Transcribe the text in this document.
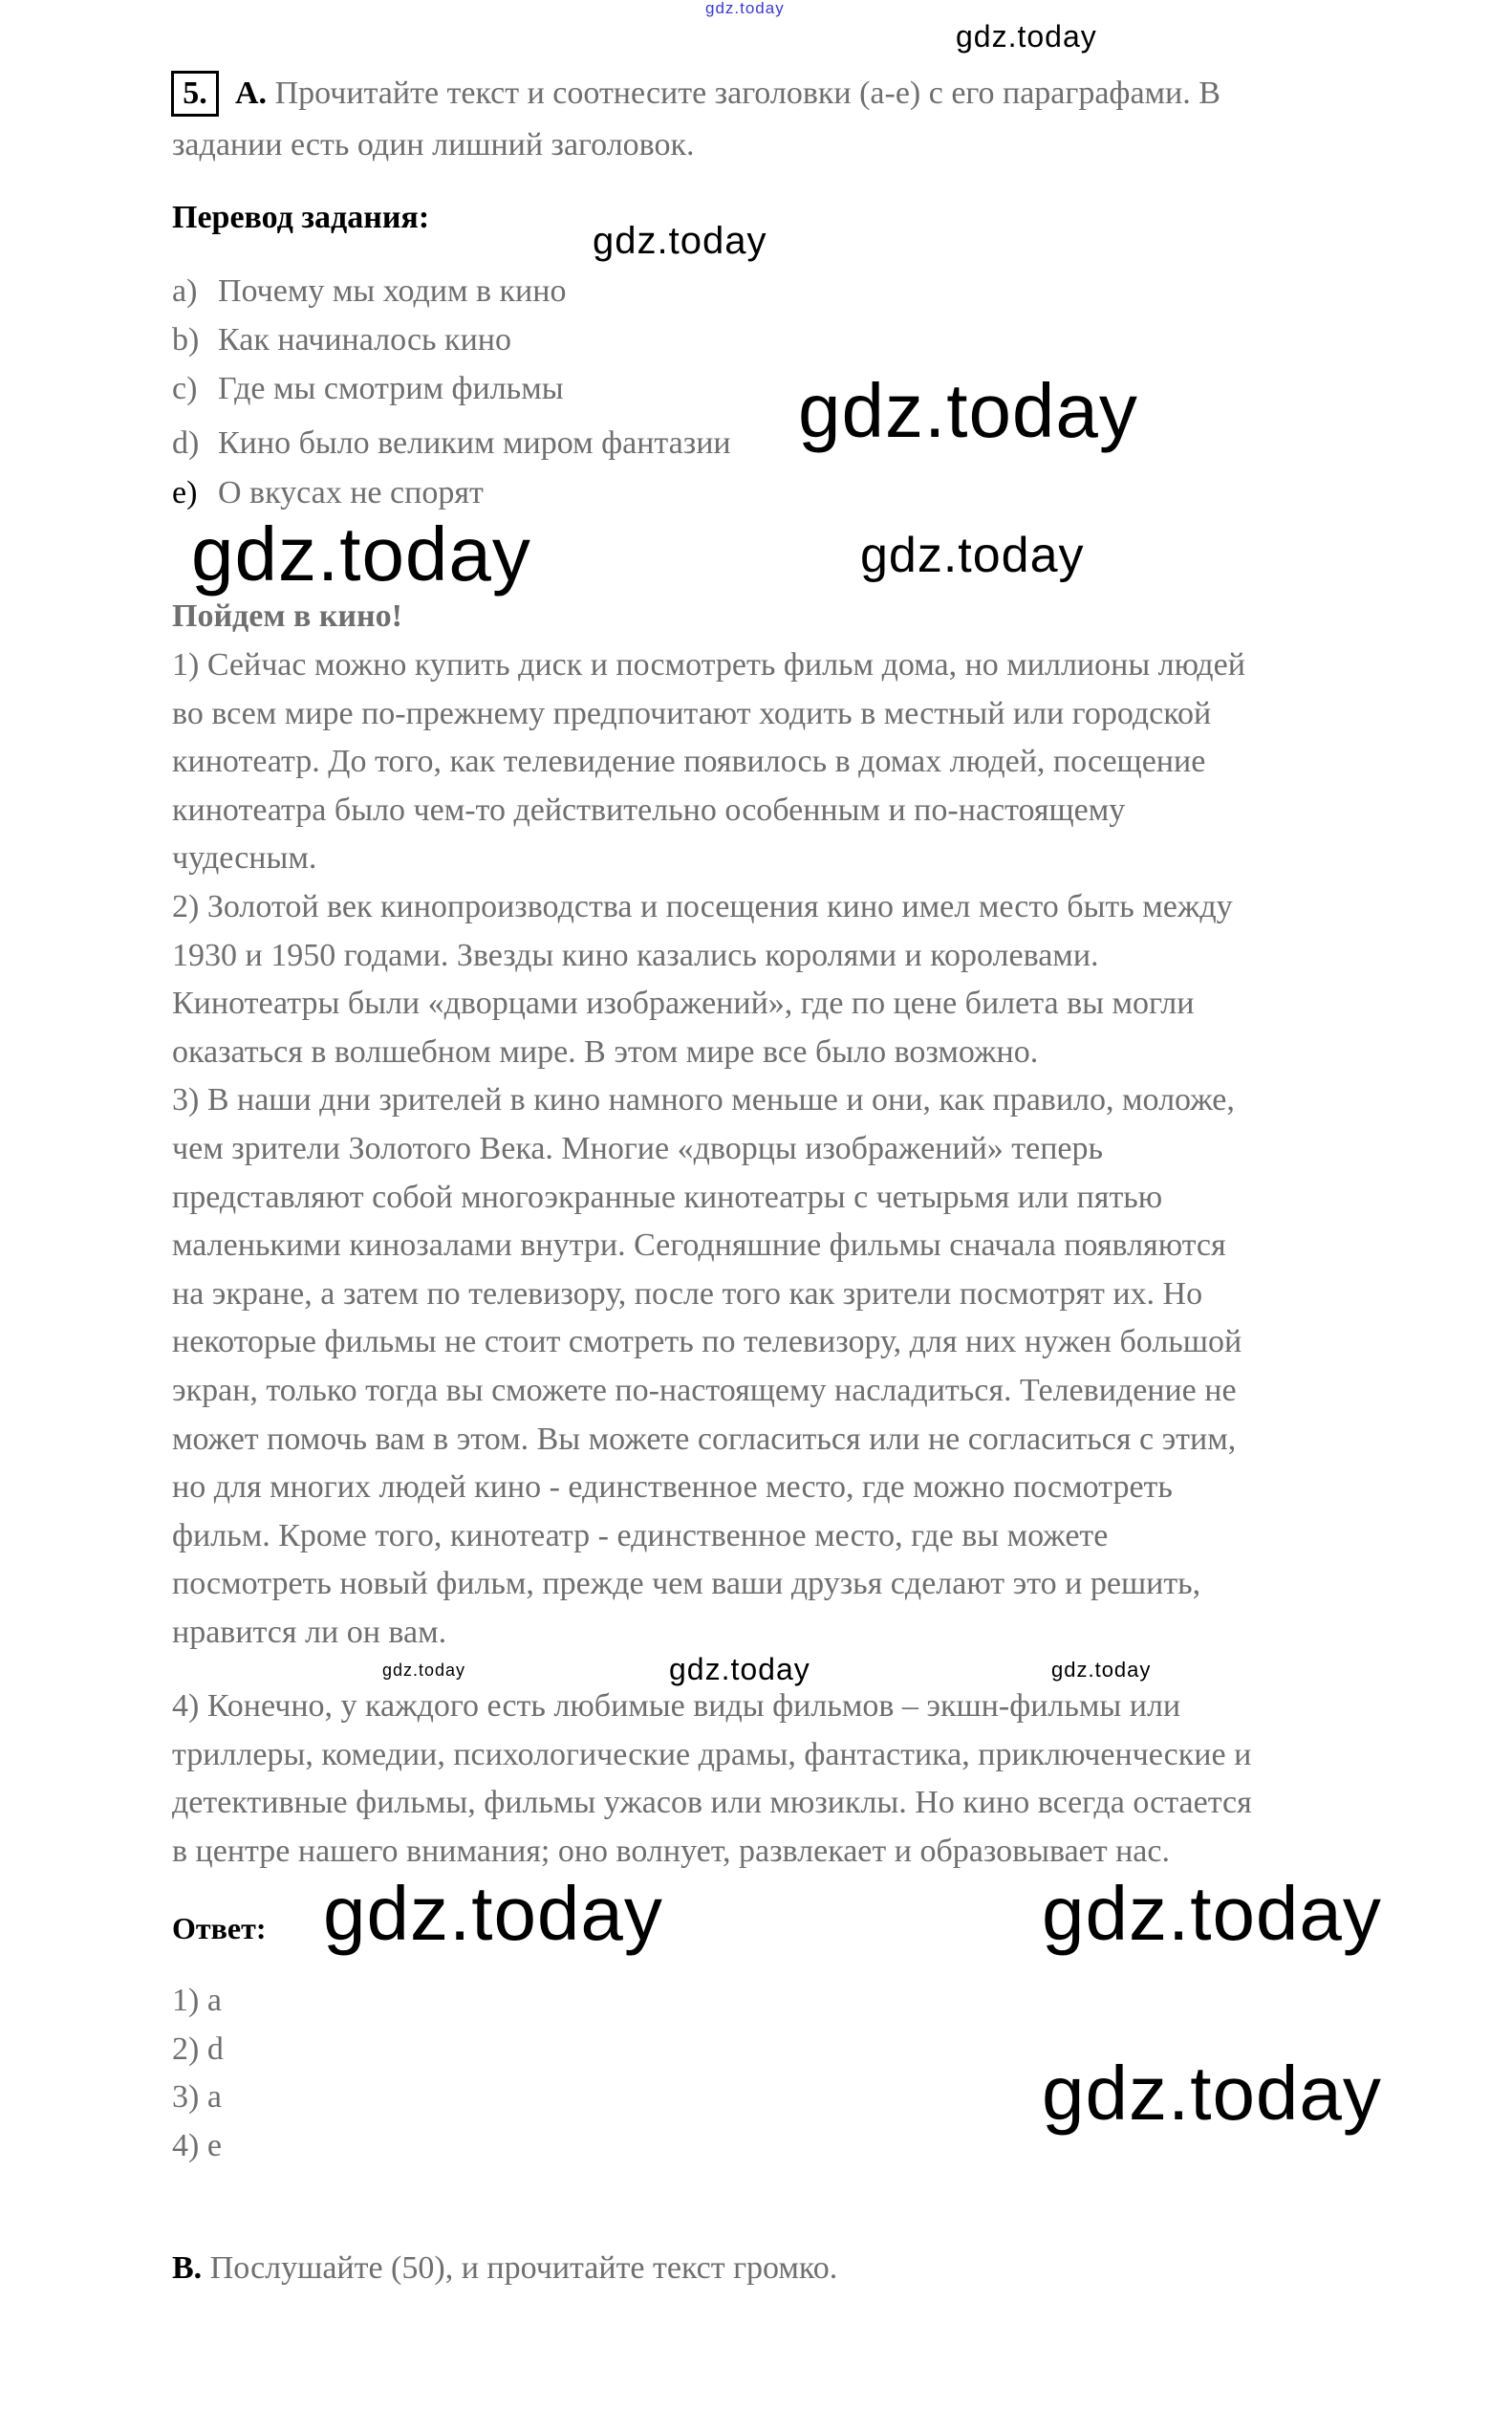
gdz.today
5. A. Прочитайте текст и соотнесите заголовки (a-e) с его параграфами. В
задании есть один лишний заголовок.
Перевод задания:
a) Почему мы ходим в кино
b) Как начиналось кино
c) Где мы смотрим фильмы
d) Кино было великим миром фантазии
e) О вкусах не спорят
Пойдем в кино!
1) Сейчас можно купить диск и посмотреть фильм дома, но миллионы людей
во всем мире по-прежнему предпочитают ходить в местный или городской
кинотеатр. До того, как телевидение появилось в домах людей, посещение
кинотеатра было чем-то действительно особенным и по-настоящему
чудесным.
2) Золотой век кинопроизводства и посещения кино имел место быть между
1930 и 1950 годами. Звезды кино казались королями и королевами.
Кинотеатры были «дворцами изображений», где по цене билета вы могли
оказаться в волшебном мире. В этом мире все было возможно.
3) В наши дни зрителей в кино намного меньше и они, как правило, моложе,
чем зрители Золотого Века. Многие «дворцы изображений» теперь
представляют собой многоэкранные кинотеатры с четырьмя или пятью
маленькими кинозалами внутри. Сегодняшние фильмы сначала появляются
на экране, а затем по телевизору, после того как зрители посмотрят их. Но
некоторые фильмы не стоит смотреть по телевизору, для них нужен большой
экран, только тогда вы сможете по-настоящему насладиться. Телевидение не
может помочь вам в этом. Вы можете согласиться или не согласиться с этим,
но для многих людей кино - единственное место, где можно посмотреть
фильм. Кроме того, кинотеатр - единственное место, где вы можете
посмотреть новый фильм, прежде чем ваши друзья сделают это и решить,
нравится ли он вам.
4) Конечно, у каждого есть любимые виды фильмов – экшн-фильмы или
триллеры, комедии, психологические драмы, фантастика, приключенческие и
детективные фильмы, фильмы ужасов или мюзиклы. Но кино всегда остается
в центре нашего внимания; оно волнует, развлекает и образовывает нас.
Ответ:
1) a
2) d
3) a
4) e
B. Послушайте (50), и прочитайте текст громко.
gdz.today
gdz.today
gdz.today	gdz.today
gdz.today
gdz.today	gdz.today	gdz.today
gdz.today
gdz.today
gdz.today
